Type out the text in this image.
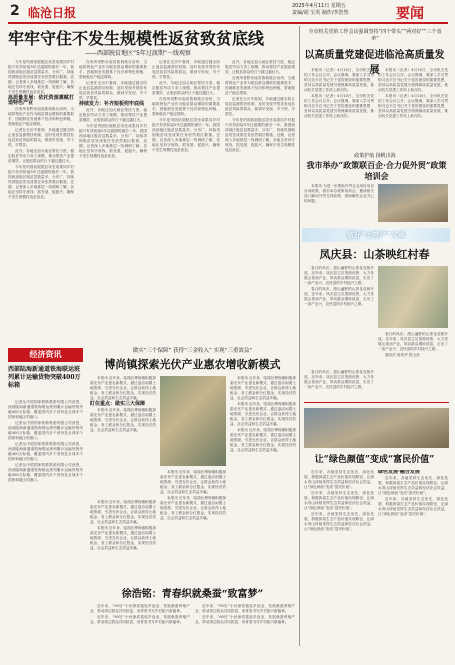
2 临沧日报	2025年4月11日 星期五
责编/胡 宝英 制作/李浩然	要闻
牢牢守住不发生规模性返贫致贫底线
——西部脱贫地区“5年过渡期”一线观察

今年是巩固拓展脱贫攻坚成果同乡村振兴有效衔接5年过渡期的最后一年。我国西部地区脱贫县数量多，分布广，持续巩固脱贫攻坚成果任务依然艰巨繁重。近期，记者深入多地基层一线调研了解，各地正坚持守底线、抓发展、促振兴，确保不发生规模性返贫致贫。

高质量发展：依托资源禀赋打造特色产业

在贵州省黔东南苗族侗族自治州，当地将特色产业作为脱贫群众增收的重要抓手，因地制宜发展林下经济和特色种植，帮助脱贫户稳定增收。

记者在走访中看到，多地通过健全防止返贫监测帮扶机制，及时发现并帮扶有返贫致贫风险的群众，做到早发现、早干预、早帮扶。

此外，各地还加大就业帮扶力度，稳定脱贫劳动力务工规模，推动帮扶产业提质增效，让脱贫群众的日子越过越红火。

今年是巩固拓展脱贫攻坚成果同乡村振兴有效衔接5年过渡期的最后一年。我国西部地区脱贫县数量多，分布广，持续巩固脱贫攻坚成果任务依然艰巨繁重。近期，记者深入多地基层一线调研了解，各地正坚持守底线、抓发展、促振兴，确保不发生规模性返贫致贫。

在贵州省黔东南苗族侗族自治州，当地将特色产业作为脱贫群众增收的重要抓手，因地制宜发展林下经济和特色种植，帮助脱贫户稳定增收。

记者在走访中看到，多地通过健全防止返贫监测帮扶机制，及时发现并帮扶有返贫致贫风险的群众，做到早发现、早干预、早帮扶。

持续发力：补齐短板兜牢底线

此外，各地还加大就业帮扶力度，稳定脱贫劳动力务工规模，推动帮扶产业提质增效，让脱贫群众的日子越过越红火。

今年是巩固拓展脱贫攻坚成果同乡村振兴有效衔接5年过渡期的最后一年。我国西部地区脱贫县数量多，分布广，持续巩固脱贫攻坚成果任务依然艰巨繁重。近期，记者深入多地基层一线调研了解，各地正坚持守底线、抓发展、促振兴，确保不发生规模性返贫致贫。

记者在走访中看到，多地通过健全防止返贫监测帮扶机制，及时发现并帮扶有返贫致贫风险的群众，做到早发现、早干预、早帮扶。

此外，各地还加大就业帮扶力度，稳定脱贫劳动力务工规模，推动帮扶产业提质增效，让脱贫群众的日子越过越红火。

在贵州省黔东南苗族侗族自治州，当地将特色产业作为脱贫群众增收的重要抓手，因地制宜发展林下经济和特色种植，帮助脱贫户稳定增收。

今年是巩固拓展脱贫攻坚成果同乡村振兴有效衔接5年过渡期的最后一年。我国西部地区脱贫县数量多，分布广，持续巩固脱贫攻坚成果任务依然艰巨繁重。近期，记者深入多地基层一线调研了解，各地正坚持守底线、抓发展、促振兴，确保不发生规模性返贫致贫。

此外，各地还加大就业帮扶力度，稳定脱贫劳动力务工规模，推动帮扶产业提质增效，让脱贫群众的日子越过越红火。

在贵州省黔东南苗族侗族自治州，当地将特色产业作为脱贫群众增收的重要抓手，因地制宜发展林下经济和特色种植，帮助脱贫户稳定增收。

记者在走访中看到，多地通过健全防止返贫监测帮扶机制，及时发现并帮扶有返贫致贫风险的群众，做到早发现、早干预、早帮扶。

今年是巩固拓展脱贫攻坚成果同乡村振兴有效衔接5年过渡期的最后一年。我国西部地区脱贫县数量多，分布广，持续巩固脱贫攻坚成果任务依然艰巨繁重。近期，记者深入多地基层一线调研了解，各地正坚持守底线、抓发展、促振兴，确保不发生规模性返贫致贫。

全市机关党的工作会议强调坚持“四个带头”“两对好”“三个表率”
以高质量党建促进临沧高质量发展

本报讯（记者）4月10日，全市机关党的工作会议召开。会议强调，要深入学习贯彻习近平总书记关于党的建设的重要思想，坚持以高质量党建引领保障高质量发展，推动机关党建工作再上新台阶。

本报讯（记者）4月10日，全市机关党的工作会议召开。会议强调，要深入学习贯彻习近平总书记关于党的建设的重要思想，坚持以高质量党建引领保障高质量发展，推动机关党建工作再上新台阶。

本报讯（记者）4月10日，全市机关党的工作会议召开。会议强调，要深入学习贯彻习近平总书记关于党的建设的重要思想，坚持以高质量党建引领保障高质量发展，推动机关党建工作再上新台阶。

本报讯（记者）4月10日，全市机关党的工作会议召开。会议强调，要深入学习贯彻习近平总书记关于党的建设的重要思想，坚持以高质量党建引领保障高质量发展，推动机关党建工作再上新台阶。

政策护航 扬帆出海
我市举办“政策联百企·合力促外贸”政策培训会

本报讯 为进一步帮助外贸企业用好用足各项政策，我市举办政策培训会，邀请相关部门解读外贸支持政策，现场解答企业关心的问题。

做好“土特产”文章
凤庆县：山茶映红村春

春日的凤庆，漫山遍野的山茶花竞相开放。近年来，凤庆县立足资源优势，大力发展山茶油产业，带动群众增收致富，走出了一条产业兴、农民富的乡村振兴之路。

春日的凤庆，漫山遍野的山茶花竞相开放。近年来，凤庆县立足资源优势，大力发展山茶油产业，带动群众增收致富，走出了一条产业兴、农民富的乡村振兴之路。

春日的凤庆，漫山遍野的山茶花竞相开放。近年来，凤庆县立足资源优势，大力发展山茶油产业，带动群众增收致富，走出了一条产业兴、农民富的乡村振兴之路。

通讯员 杨美华 段玉美

春日的凤庆，漫山遍野的山茶花竞相开放。近年来，凤庆县立足资源优势，大力发展山茶油产业，带动群众增收致富，走出了一条产业兴、农民富的乡村振兴之路。

经济资讯
西部陆海新通道铁海联运班列累计运输货物突破400万标箱

记者从中国国家铁路集团有限公司获悉，西部陆海新通道铁海联运班列累计运输货物突破400万标箱，覆盖国内多个省份及全球多个国家和地区的港口。

记者从中国国家铁路集团有限公司获悉，西部陆海新通道铁海联运班列累计运输货物突破400万标箱，覆盖国内多个省份及全球多个国家和地区的港口。

记者从中国国家铁路集团有限公司获悉，西部陆海新通道铁海联运班列累计运输货物突破400万标箱，覆盖国内多个省份及全球多个国家和地区的港口。

记者从中国国家铁路集团有限公司获悉，西部陆海新通道铁海联运班列累计运输货物突破400万标箱，覆盖国内多个省份及全球多个国家和地区的港口。

做实“三个保障” 获得“三金收入” 实现“三重效益”
博尚镇探索光伏产业惠农增收新模式

本报讯 近年来，临翔区博尚镇积极探索光伏产业惠农新模式，通过盘活闲置土地资源、引进光伏企业，让群众获得土地租金、务工薪金和分红股金，实现经济效益、社会效益和生态效益多赢。

盯住重点：做实三大保障

本报讯 近年来，临翔区博尚镇积极探索光伏产业惠农新模式，通过盘活闲置土地资源、引进光伏企业，让群众获得土地租金、务工薪金和分红股金，实现经济效益、社会效益和生态效益多赢。

本报讯 近年来，临翔区博尚镇积极探索光伏产业惠农新模式，通过盘活闲置土地资源、引进光伏企业，让群众获得土地租金、务工薪金和分红股金，实现经济效益、社会效益和生态效益多赢。

本报讯 近年来，临翔区博尚镇积极探索光伏产业惠农新模式，通过盘活闲置土地资源、引进光伏企业，让群众获得土地租金、务工薪金和分红股金，实现经济效益、社会效益和生态效益多赢。

本报讯 近年来，临翔区博尚镇积极探索光伏产业惠农新模式，通过盘活闲置土地资源、引进光伏企业，让群众获得土地租金、务工薪金和分红股金，实现经济效益、社会效益和生态效益多赢。

本报讯 近年来，临翔区博尚镇积极探索光伏产业惠农新模式，通过盘活闲置土地资源、引进光伏企业，让群众获得土地租金、务工薪金和分红股金，实现经济效益、社会效益和生态效益多赢。

本报讯 近年来，临翔区博尚镇积极探索光伏产业惠农新模式，通过盘活闲置土地资源、引进光伏企业，让群众获得土地租金、务工薪金和分红股金，实现经济效益、社会效益和生态效益多赢。

本报讯 近年来，临翔区博尚镇积极探索光伏产业惠农新模式，通过盘活闲置土地资源、引进光伏企业，让群众获得土地租金、务工薪金和分红股金，实现经济效益、社会效益和生态效益多赢。

本报讯 近年来，临翔区博尚镇积极探索光伏产业惠农新模式，通过盘活闲置土地资源、引进光伏企业，让群众获得土地租金、务工薪金和分红股金，实现经济效益、社会效益和生态效益多赢。

徐浩铭：青春织就桑蚕“致富梦”

近年来，“90后”小伙徐浩铭返乡创业，发展桑蚕养殖产业，带动周边群众共同致富，用青春书写乡村振兴新篇章。

近年来，“90后”小伙徐浩铭返乡创业，发展桑蚕养殖产业，带动周边群众共同致富，用青春书写乡村振兴新篇章。

近年来，“90后”小伙徐浩铭返乡创业，发展桑蚕养殖产业，带动周边群众共同致富，用青春书写乡村振兴新篇章。

近年来，“90后”小伙徐浩铭返乡创业，发展桑蚕养殖产业，带动周边群众共同致富，用青春书写乡村振兴新篇章。

让“绿色颜值”变成“富民价值”

近年来，各地坚持生态优先、绿色发展，积极探索生态产品价值实现路径，让绿水青山持续发挥生态效益和经济社会效益，让“绿色颜值”变成“富民价值”。

近年来，各地坚持生态优先、绿色发展，积极探索生态产品价值实现路径，让绿水青山持续发挥生态效益和经济社会效益，让“绿色颜值”变成“富民价值”。

近年来，各地坚持生态优先、绿色发展，积极探索生态产品价值实现路径，让绿水青山持续发挥生态效益和经济社会效益，让“绿色颜值”变成“富民价值”。

绿色发展·融合发展

近年来，各地坚持生态优先、绿色发展，积极探索生态产品价值实现路径，让绿水青山持续发挥生态效益和经济社会效益，让“绿色颜值”变成“富民价值”。

近年来，各地坚持生态优先、绿色发展，积极探索生态产品价值实现路径，让绿水青山持续发挥生态效益和经济社会效益，让“绿色颜值”变成“富民价值”。
